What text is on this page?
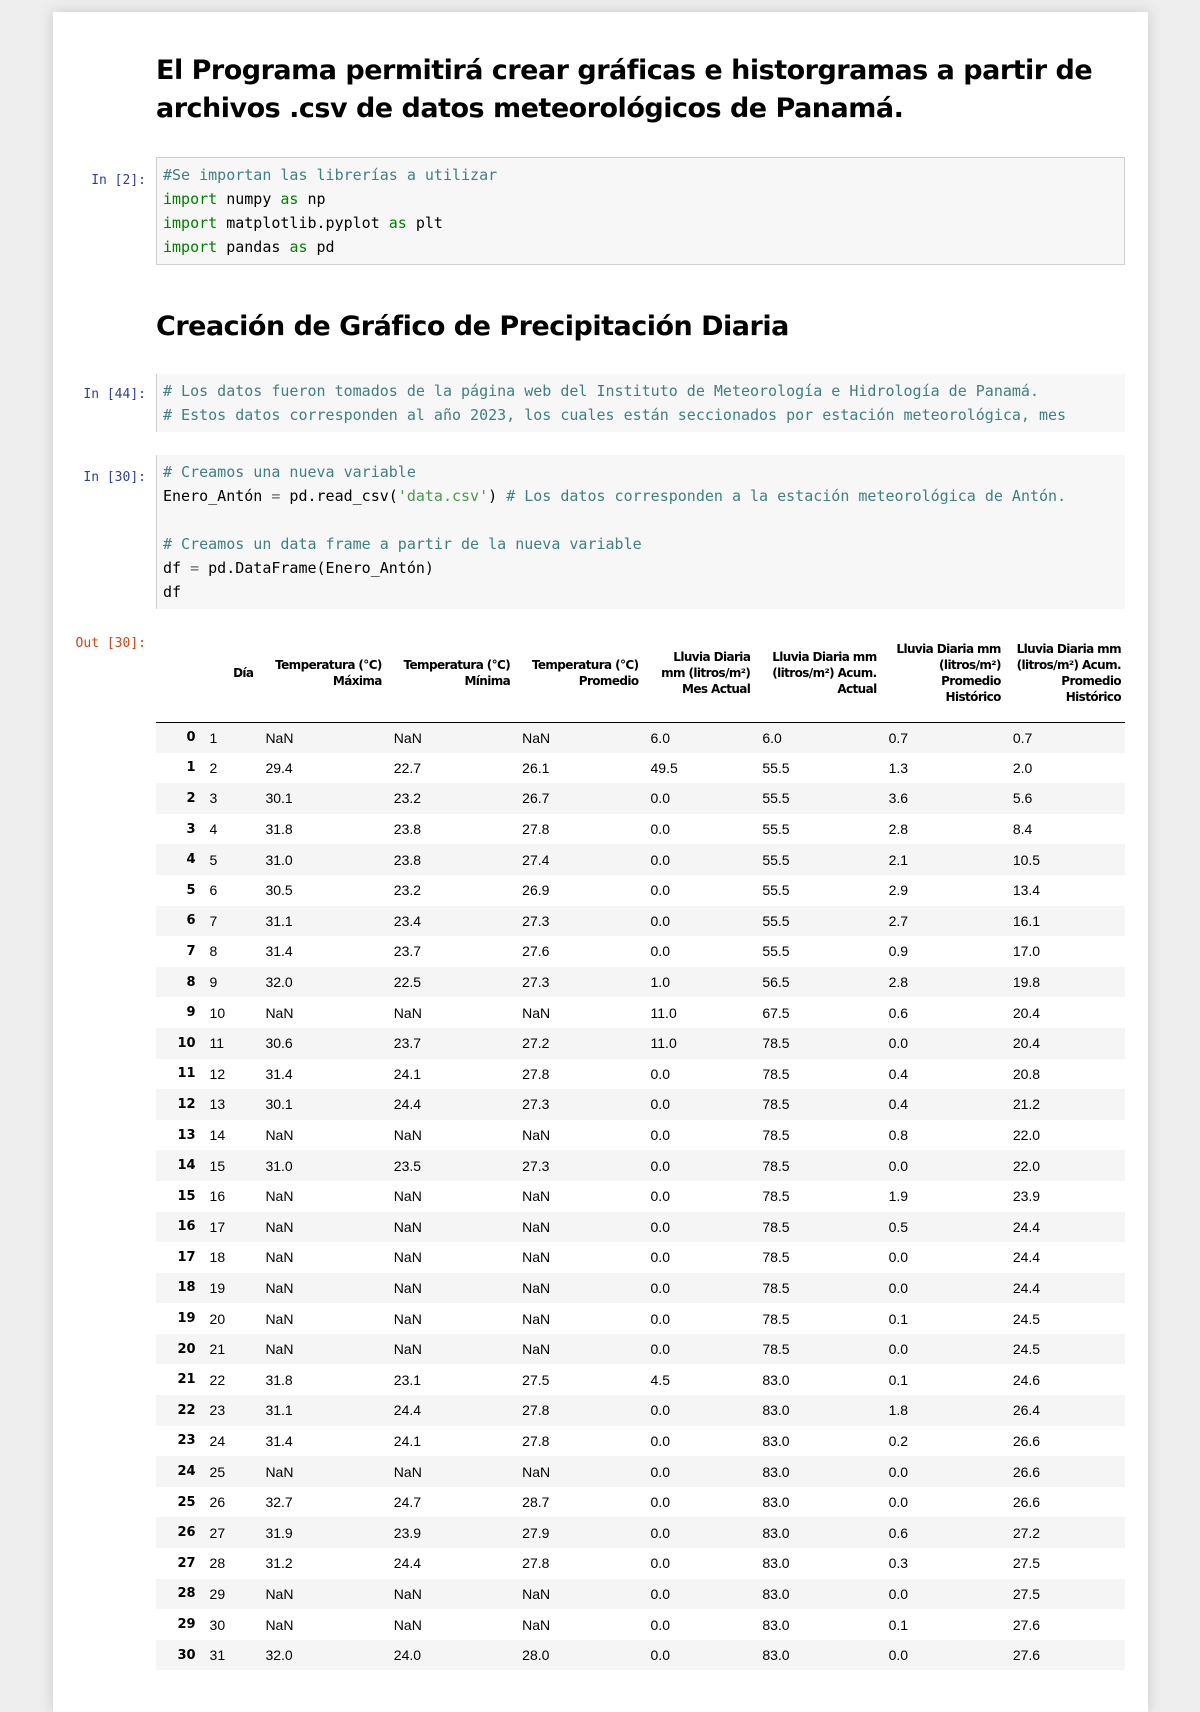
El Programa permitirá crear gráficas e historgramas a partir de archivos .csv de datos meteorológicos de Panamá.
In [2]:	#Se importan las librerías a utilizar
import numpy as np
import matplotlib.pyplot as plt
import pandas as pd
Creación de Gráfico de Precipitación Diaria
In [44]:	# Los datos fueron tomados de la página web del Instituto de Meteorología e Hidrología de Panamá.
# Estos datos corresponden al año 2023, los cuales están seccionados por estación meteorológica, mes
In [30]:	# Creamos una nueva variable
Enero_Antón = pd.read_csv('data.csv') # Los datos corresponden a la estación meteorológica de Antón.

# Creamos un data frame a partir de la nueva variable
df = pd.DataFrame(Enero_Antón)
df
Out [30]:
	Día	Temperatura (°C) Máxima	Temperatura (°C) Mínima	Temperatura (°C) Promedio	Lluvia Diaria mm (litros/m²) Mes Actual	Lluvia Diaria mm (litros/m²) Acum. Actual	Lluvia Diaria mm (litros/m²) Promedio Histórico	Lluvia Diaria mm (litros/m²) Acum. Promedio Histórico
0	1	NaN	NaN	NaN	6.0	6.0	0.7	0.7
1	2	29.4	22.7	26.1	49.5	55.5	1.3	2.0
2	3	30.1	23.2	26.7	0.0	55.5	3.6	5.6
3	4	31.8	23.8	27.8	0.0	55.5	2.8	8.4
4	5	31.0	23.8	27.4	0.0	55.5	2.1	10.5
5	6	30.5	23.2	26.9	0.0	55.5	2.9	13.4
6	7	31.1	23.4	27.3	0.0	55.5	2.7	16.1
7	8	31.4	23.7	27.6	0.0	55.5	0.9	17.0
8	9	32.0	22.5	27.3	1.0	56.5	2.8	19.8
9	10	NaN	NaN	NaN	11.0	67.5	0.6	20.4
10	11	30.6	23.7	27.2	11.0	78.5	0.0	20.4
11	12	31.4	24.1	27.8	0.0	78.5	0.4	20.8
12	13	30.1	24.4	27.3	0.0	78.5	0.4	21.2
13	14	NaN	NaN	NaN	0.0	78.5	0.8	22.0
14	15	31.0	23.5	27.3	0.0	78.5	0.0	22.0
15	16	NaN	NaN	NaN	0.0	78.5	1.9	23.9
16	17	NaN	NaN	NaN	0.0	78.5	0.5	24.4
17	18	NaN	NaN	NaN	0.0	78.5	0.0	24.4
18	19	NaN	NaN	NaN	0.0	78.5	0.0	24.4
19	20	NaN	NaN	NaN	0.0	78.5	0.1	24.5
20	21	NaN	NaN	NaN	0.0	78.5	0.0	24.5
21	22	31.8	23.1	27.5	4.5	83.0	0.1	24.6
22	23	31.1	24.4	27.8	0.0	83.0	1.8	26.4
23	24	31.4	24.1	27.8	0.0	83.0	0.2	26.6
24	25	NaN	NaN	NaN	0.0	83.0	0.0	26.6
25	26	32.7	24.7	28.7	0.0	83.0	0.0	26.6
26	27	31.9	23.9	27.9	0.0	83.0	0.6	27.2
27	28	31.2	24.4	27.8	0.0	83.0	0.3	27.5
28	29	NaN	NaN	NaN	0.0	83.0	0.0	27.5
29	30	NaN	NaN	NaN	0.0	83.0	0.1	27.6
30	31	32.0	24.0	28.0	0.0	83.0	0.0	27.6
